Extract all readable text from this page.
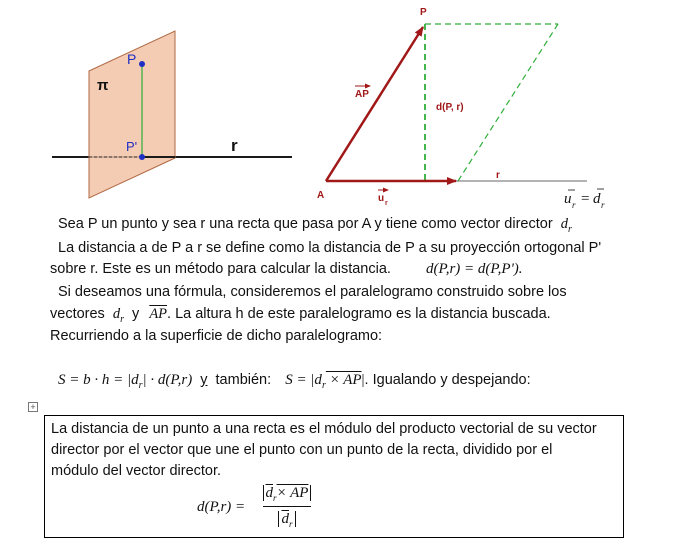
π
P
P'	r
P
A
AP
d(P, r)
u r
r
u r = d r
Sea P un punto y sea r una recta que pasa por A y tiene como vector director $d_r$
La distancia a de P a r se define como la distancia de P a su proyección ortogonal P'
sobre r. Este es un método para calcular la distancia. d(P,r) = d(P,P').
Si deseamos una fórmula, consideremos el paralelogramo construido sobre los
vectores $d_r$ y $\overline{AP}$. La altura h de este paralelogramo es la distancia buscada.
Recurriendo a la superficie de dicho paralelogramo:
$S = b \cdot h = |d_r| \cdot d(P,r)$ y también: $S = |d_r \times AP|$. Igualando y despejando:
+
La distancia de un punto a una recta es el módulo del producto vectorial de su vector
director por el vector que une el punto con un punto de la recta, dividido por el
módulo del vector director.
d(P,r) =
$\overline{d}_r\times$ AP
$\overline{d}_r$
